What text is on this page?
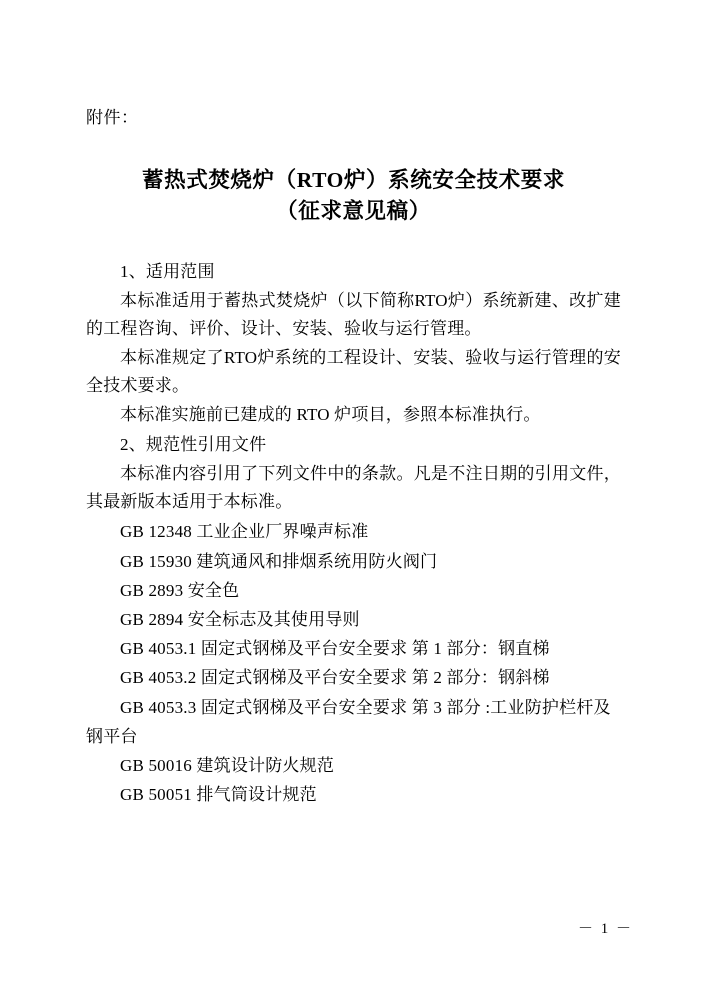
附件：
蓄热式焚烧炉（RTO炉）系统安全技术要求
（征求意见稿）

1、适用范围

本标准适用于蓄热式焚烧炉（以下简称RTO炉）系统新建、改扩建的工程咨询、评价、设计、安装、验收与运行管理。

本标准规定了RTO炉系统的工程设计、安装、验收与运行管理的安全技术要求。

本标准实施前已建成的 RTO 炉项目，参照本标准执行。

2、规范性引用文件

本标准内容引用了下列文件中的条款。凡是不注日期的引用文件，其最新版本适用于本标准。

GB 12348 工业企业厂界噪声标准

GB 15930 建筑通风和排烟系统用防火阀门

GB 2893 安全色

GB 2894 安全标志及其使用导则

GB 4053.1 固定式钢梯及平台安全要求 第 1 部分：钢直梯

GB 4053.2 固定式钢梯及平台安全要求 第 2 部分：钢斜梯

GB 4053.3 固定式钢梯及平台安全要求 第 3 部分 :工业防护栏杆及钢平台

GB 50016 建筑设计防火规范

GB 50051 排气筒设计规范

－ 1 －
